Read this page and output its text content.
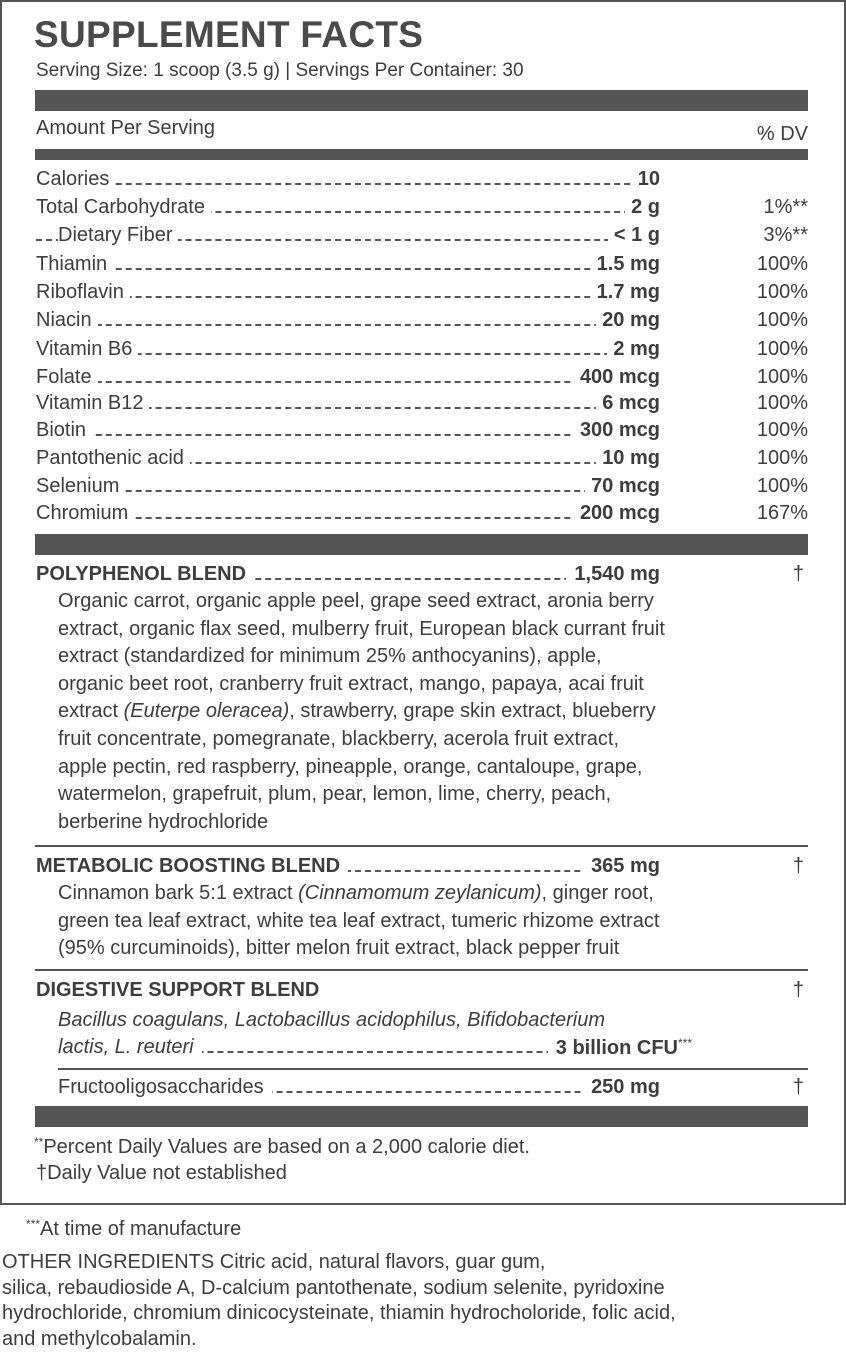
SUPPLEMENT FACTS
Serving Size: 1 scoop (3.5 g) | Servings Per Container: 30
Amount Per Serving	% DV
Calories	10
Total Carbohydrate	2 g	1%**
Dietary Fiber	< 1 g	3%**
Thiamin	1.5 mg	100%
Riboflavin	1.7 mg	100%
Niacin	20 mg	100%
Vitamin B6	2 mg	100%
Folate	400 mcg	100%
Vitamin B12	6 mcg	100%
Biotin	300 mcg	100%
Pantothenic acid	10 mg	100%
Selenium	70 mcg	100%
Chromium	200 mcg	167%
POLYPHENOL BLEND	1,540 mg	†
Organic carrot, organic apple peel, grape seed extract, aronia berry
extract, organic flax seed, mulberry fruit, European black currant fruit
extract (standardized for minimum 25% anthocyanins), apple,
organic beet root, cranberry fruit extract, mango, papaya, acai fruit
extract (Euterpe oleracea), strawberry, grape skin extract, blueberry
fruit concentrate, pomegranate, blackberry, acerola fruit extract,
apple pectin, red raspberry, pineapple, orange, cantaloupe, grape,
watermelon, grapefruit, plum, pear, lemon, lime, cherry, peach,
berberine hydrochloride
METABOLIC BOOSTING BLEND	365 mg	†
Cinnamon bark 5:1 extract (Cinnamomum zeylanicum), ginger root,
green tea leaf extract, white tea leaf extract, tumeric rhizome extract
(95% curcuminoids), bitter melon fruit extract, black pepper fruit
DIGESTIVE SUPPORT BLEND	†
Bacillus coagulans, Lactobacillus acidophilus, Bifidobacterium
lactis, L. reuteri	3 billion CFU***
Fructooligosaccharides	250 mg	†
**Percent Daily Values are based on a 2,000 calorie diet.
†Daily Value not established
***At time of manufacture
OTHER INGREDIENTS Citric acid, natural flavors, guar gum,
silica, rebaudioside A, D-calcium pantothenate, sodium selenite, pyridoxine
hydrochloride, chromium dinicocysteinate, thiamin hydrocholoride, folic acid,
and methylcobalamin.
